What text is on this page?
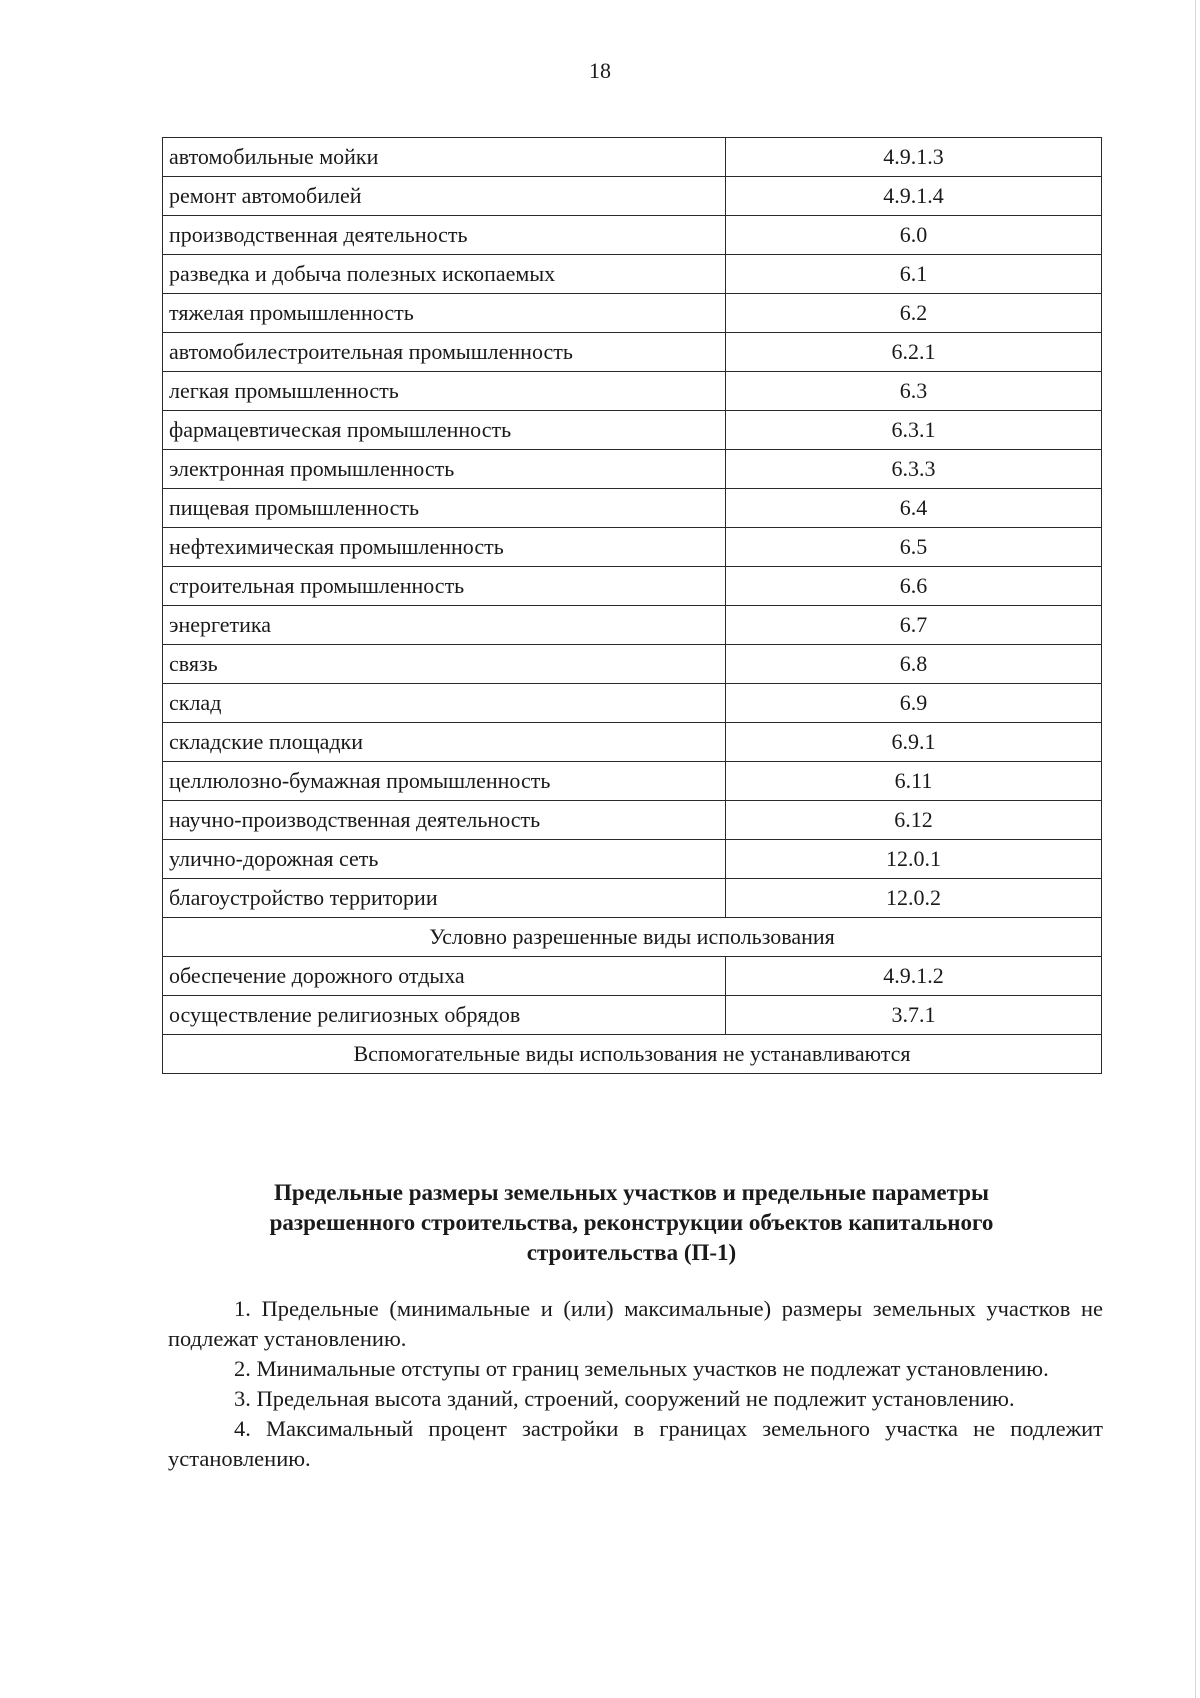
18
автомобильные мойки	4.9.1.3
ремонт автомобилей	4.9.1.4
производственная деятельность	6.0
разведка и добыча полезных ископаемых	6.1
тяжелая промышленность	6.2
автомобилестроительная промышленность	6.2.1
легкая промышленность	6.3
фармацевтическая промышленность	6.3.1
электронная промышленность	6.3.3
пищевая промышленность	6.4
нефтехимическая промышленность	6.5
строительная промышленность	6.6
энергетика	6.7
связь	6.8
склад	6.9
складские площадки	6.9.1
целлюлозно-бумажная промышленность	6.11
научно-производственная деятельность	6.12
улично-дорожная сеть	12.0.1
благоустройство территории	12.0.2
Условно разрешенные виды использования	
обеспечение дорожного отдыха	4.9.1.2
осуществление религиозных обрядов	3.7.1
Вспомогательные виды использования не устанавливаются	
Предельные размеры земельных участков и предельные параметры
разрешенного строительства, реконструкции объектов капитального
строительства (П-1)

1. Предельные (минимальные и (или) максимальные) размеры земельных участков не подлежат установлению.

2. Минимальные отступы от границ земельных участков не подлежат установлению.

3. Предельная высота зданий, строений, сооружений не подлежит установлению.

4. Максимальный процент застройки в границах земельного участка не подлежит установлению.
